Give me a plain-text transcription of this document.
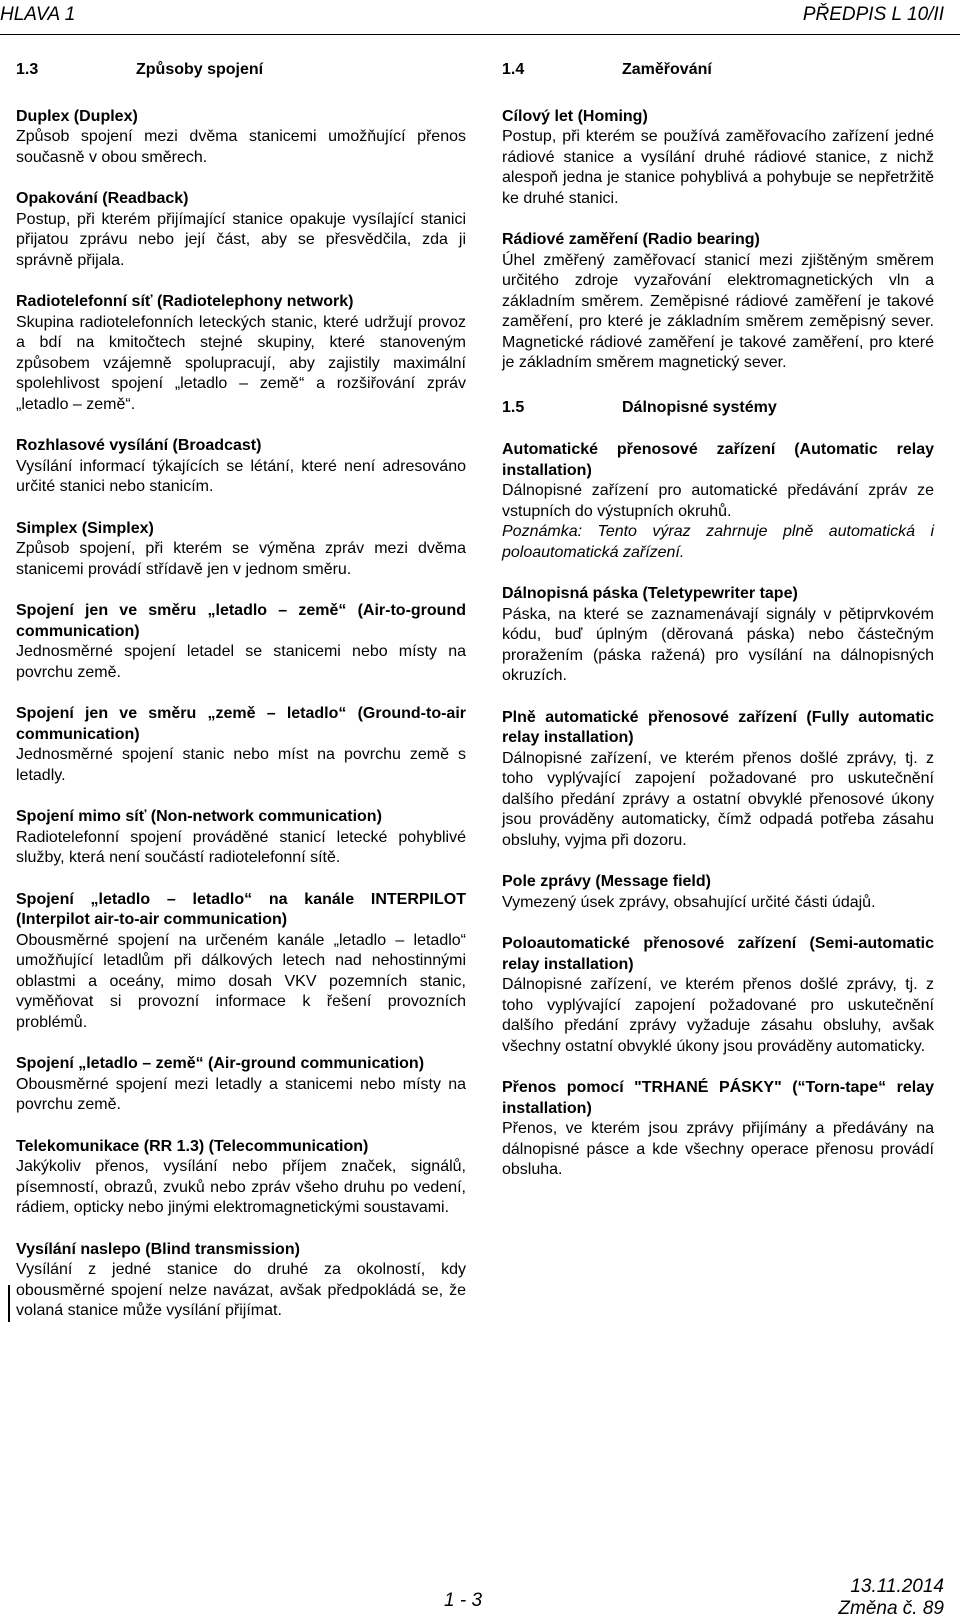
HLAVA 1	PŘEDPIS L 10/II
1.3	Způsoby spojení
Duplex (Duplex)
Způsob spojení mezi dvěma stanicemi umožňující přenos současně v obou směrech.
Opakování (Readback)
Postup, při kterém přijímající stanice opakuje vysílající stanici přijatou zprávu nebo její část, aby se přesvědčila, zda ji správně přijala.
Radiotelefonní síť (Radiotelephony network)
Skupina radiotelefonních leteckých stanic, které udržují provoz a bdí na kmitočtech stejné skupiny, které stanoveným způsobem vzájemně spolupracují, aby zajistily maximální spolehlivost spojení „letadlo – země“ a rozšiřování zpráv „letadlo – země“.
Rozhlasové vysílání (Broadcast)
Vysílání informací týkajících se létání, které není adresováno určité stanici nebo stanicím.
Simplex (Simplex)
Způsob spojení, při kterém se výměna zpráv mezi dvěma stanicemi provádí střídavě jen v jednom směru.
Spojení jen ve směru „letadlo – země“ (Air-to-ground communication)
Jednosměrné spojení letadel se stanicemi nebo místy na povrchu země.
Spojení jen ve směru „země – letadlo“ (Ground-to-air communication)
Jednosměrné spojení stanic nebo míst na povrchu země s letadly.
Spojení mimo síť (Non-network communication)
Radiotelefonní spojení prováděné stanicí letecké pohyblivé služby, která není součástí radiotelefonní sítě.
Spojení „letadlo – letadlo“ na kanále INTERPILOT (Interpilot air-to-air communication)
Obousměrné spojení na určeném kanále „letadlo – letadlo“ umožňující letadlům při dálkových letech nad nehostinnými oblastmi a oceány, mimo dosah VKV pozemních stanic, vyměňovat si provozní informace k řešení provozních problémů.
Spojení „letadlo – země“ (Air-ground communication)
Obousměrné spojení mezi letadly a stanicemi nebo místy na povrchu země.
Telekomunikace (RR 1.3) (Telecommunication)
Jakýkoliv přenos, vysílání nebo příjem značek, signálů, písemností, obrazů, zvuků nebo zpráv všeho druhu po vedení, rádiem, opticky nebo jinými elektromagnetickými soustavami.
Vysílání naslepo (Blind transmission)
Vysílání z jedné stanice do druhé za okolností, kdy obousměrné spojení nelze navázat, avšak předpokládá se, že volaná stanice může vysílání přijímat.
1.4	Zaměřování
Cílový let (Homing)
Postup, při kterém se používá zaměřovacího zařízení jedné rádiové stanice a vysílání druhé rádiové stanice, z nichž alespoň jedna je stanice pohyblivá a pohybuje se nepřetržitě ke druhé stanici.
Rádiové zaměření (Radio bearing)
Úhel změřený zaměřovací stanicí mezi zjištěným směrem určitého zdroje vyzařování elektromagnetických vln a základním směrem. Zeměpisné rádiové zaměření je takové zaměření, pro které je základním směrem zeměpisný sever. Magnetické rádiové zaměření je takové zaměření, pro které je základním směrem magnetický sever.
1.5	Dálnopisné systémy
Automatické přenosové zařízení (Automatic relay installation)
Dálnopisné zařízení pro automatické předávání zpráv ze vstupních do výstupních okruhů.
Poznámka: Tento výraz zahrnuje plně automatická i poloautomatická zařízení.
Dálnopisná páska (Teletypewriter tape)
Páska, na které se zaznamenávají signály v pětiprvkovém kódu, buď úplným (děrovaná páska) nebo částečným proražením (páska ražená) pro vysílání na dálnopisných okruzích.
Plně automatické přenosové zařízení (Fully automatic relay installation)
Dálnopisné zařízení, ve kterém přenos došlé zprávy, tj. z toho vyplývající zapojení požadované pro uskutečnění dalšího předání zprávy a ostatní obvyklé přenosové úkony jsou prováděny automaticky, čímž odpadá potřeba zásahu obsluhy, vyjma při dozoru.
Pole zprávy (Message field)
Vymezený úsek zprávy, obsahující určité části údajů.
Poloautomatické přenosové zařízení (Semi-automatic relay installation)
Dálnopisné zařízení, ve kterém přenos došlé zprávy, tj. z toho vyplývající zapojení požadované pro uskutečnění dalšího předání zprávy vyžaduje zásahu obsluhy, avšak všechny ostatní obvyklé úkony jsou prováděny automaticky.
Přenos pomocí "TRHANÉ PÁSKY" (“Torn-tape“ relay installation)
Přenos, ve kterém jsou zprávy přijímány a předávány na dálnopisné pásce a kde všechny operace přenosu provádí obsluha.
1 - 3
13.11.2014
Změna č. 89
